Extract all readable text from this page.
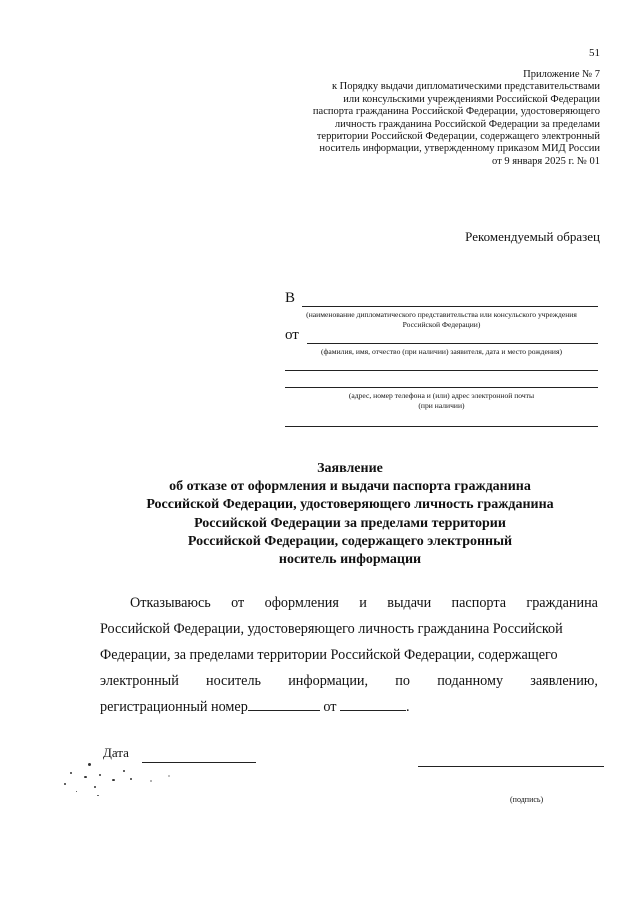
51
Приложение № 7
к Порядку выдачи дипломатическими представительствами
или консульскими учреждениями Российской Федерации
паспорта гражданина Российской Федерации, удостоверяющего
личность гражданина Российской Федерации за пределами
территории Российской Федерации, содержащего электронный
носитель информации, утвержденному приказом МИД России
от 9 января 2025 г. № 01
Рекомендуемый образец
В
(наименование дипломатического представительства или консульского учреждения
Российской Федерации)
от
(фамилия, имя, отчество (при наличии) заявителя, дата и место рождения)
(адрес, номер телефона и (или) адрес электронной почты
(при наличии)
Заявление
об отказе от оформления и выдачи паспорта гражданина
Российской Федерации, удостоверяющего личность гражданина
Российской Федерации за пределами территории
Российской Федерации, содержащего электронный
носитель информации
Отказываюсь от оформления и выдачи паспорта гражданина
Российской Федерации, удостоверяющего личность гражданина Российской
Федерации, за пределами территории Российской Федерации, содержащего
электронный носитель информации, по поданному заявлению,
регистрационный номер	от	.
Дата
(подпись)
